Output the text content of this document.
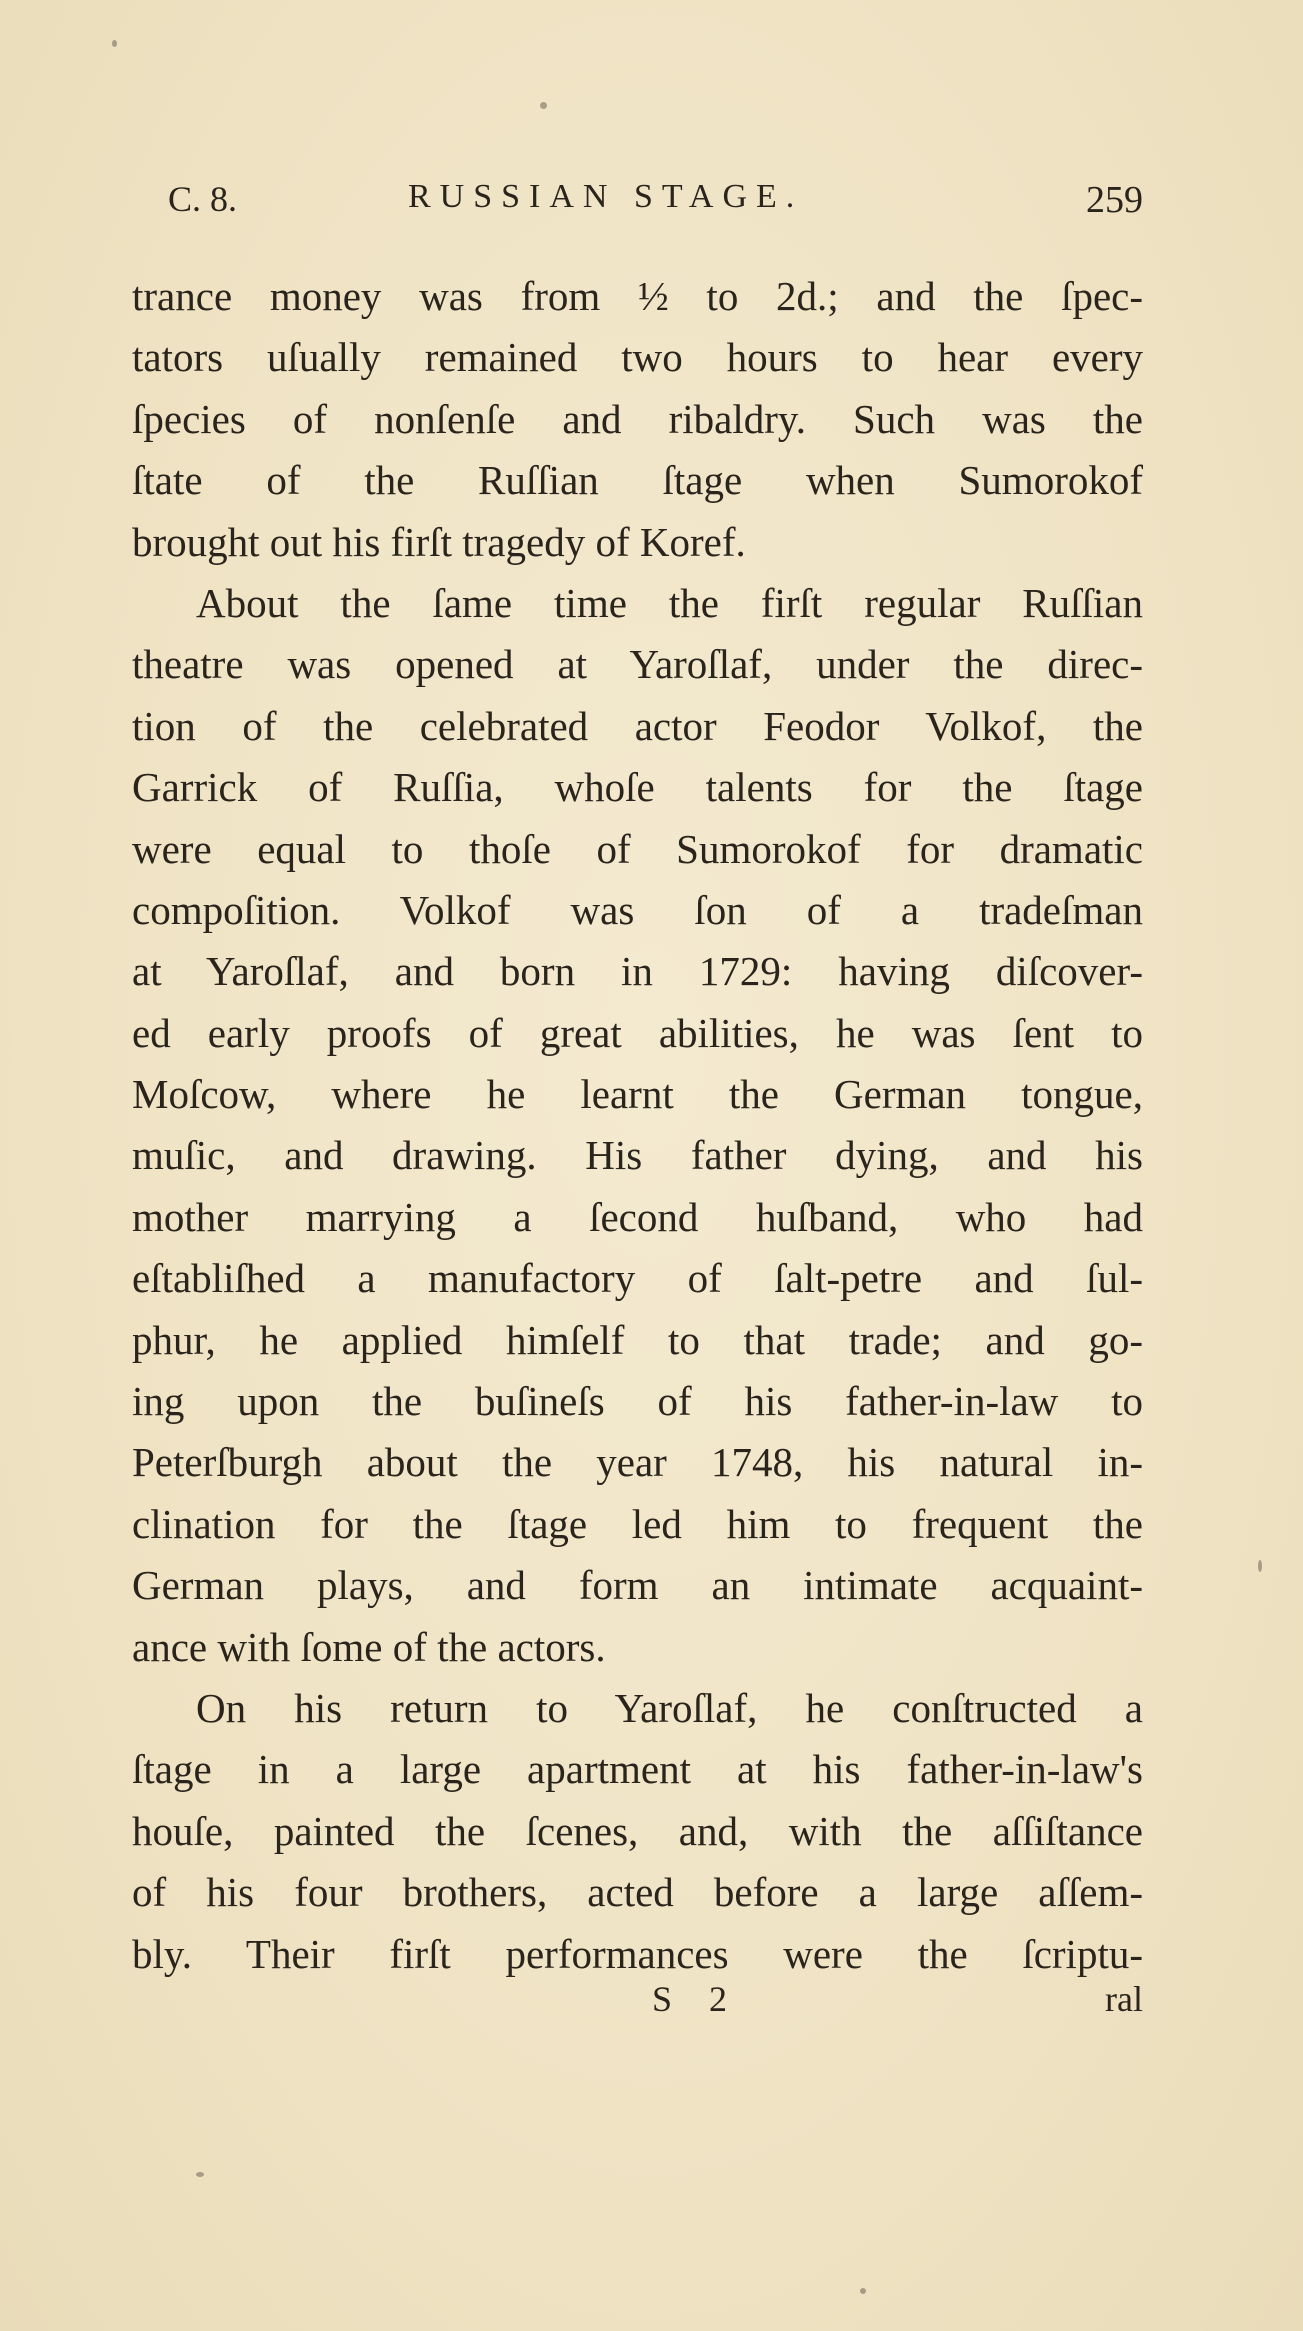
C. 8.	RUSSIAN STAGE.	259
trance money was from ½ to 2d.; and the ſpec-
tators uſually remained two hours to hear every
ſpecies of nonſenſe and ribaldry. Such was the
ſtate of the Ruſſian ſtage when Sumorokof
brought out his firſt tragedy of Koref.
About the ſame time the firſt regular Ruſſian
theatre was opened at Yaroſlaf, under the direc-
tion of the celebrated actor Feodor Volkof, the
Garrick of Ruſſia, whoſe talents for the ſtage
were equal to thoſe of Sumorokof for dramatic
compoſition. Volkof was ſon of a tradeſman
at Yaroſlaf, and born in 1729: having diſcover-
ed early proofs of great abilities, he was ſent to
Moſcow, where he learnt the German tongue,
muſic, and drawing. His father dying, and his
mother marrying a ſecond huſband, who had
eſtabliſhed a manufactory of ſalt-petre and ſul-
phur, he applied himſelf to that trade; and go-
ing upon the buſineſs of his father-in-law to
Peterſburgh about the year 1748, his natural in-
clination for the ſtage led him to frequent the
German plays, and form an intimate acquaint-
ance with ſome of the actors.
On his return to Yaroſlaf, he conſtructed a
ſtage in a large apartment at his father-in-law's
houſe, painted the ſcenes, and, with the aſſiſtance
of his four brothers, acted before a large aſſem-
bly. Their firſt performances were the ſcriptu-
S 2	ral
